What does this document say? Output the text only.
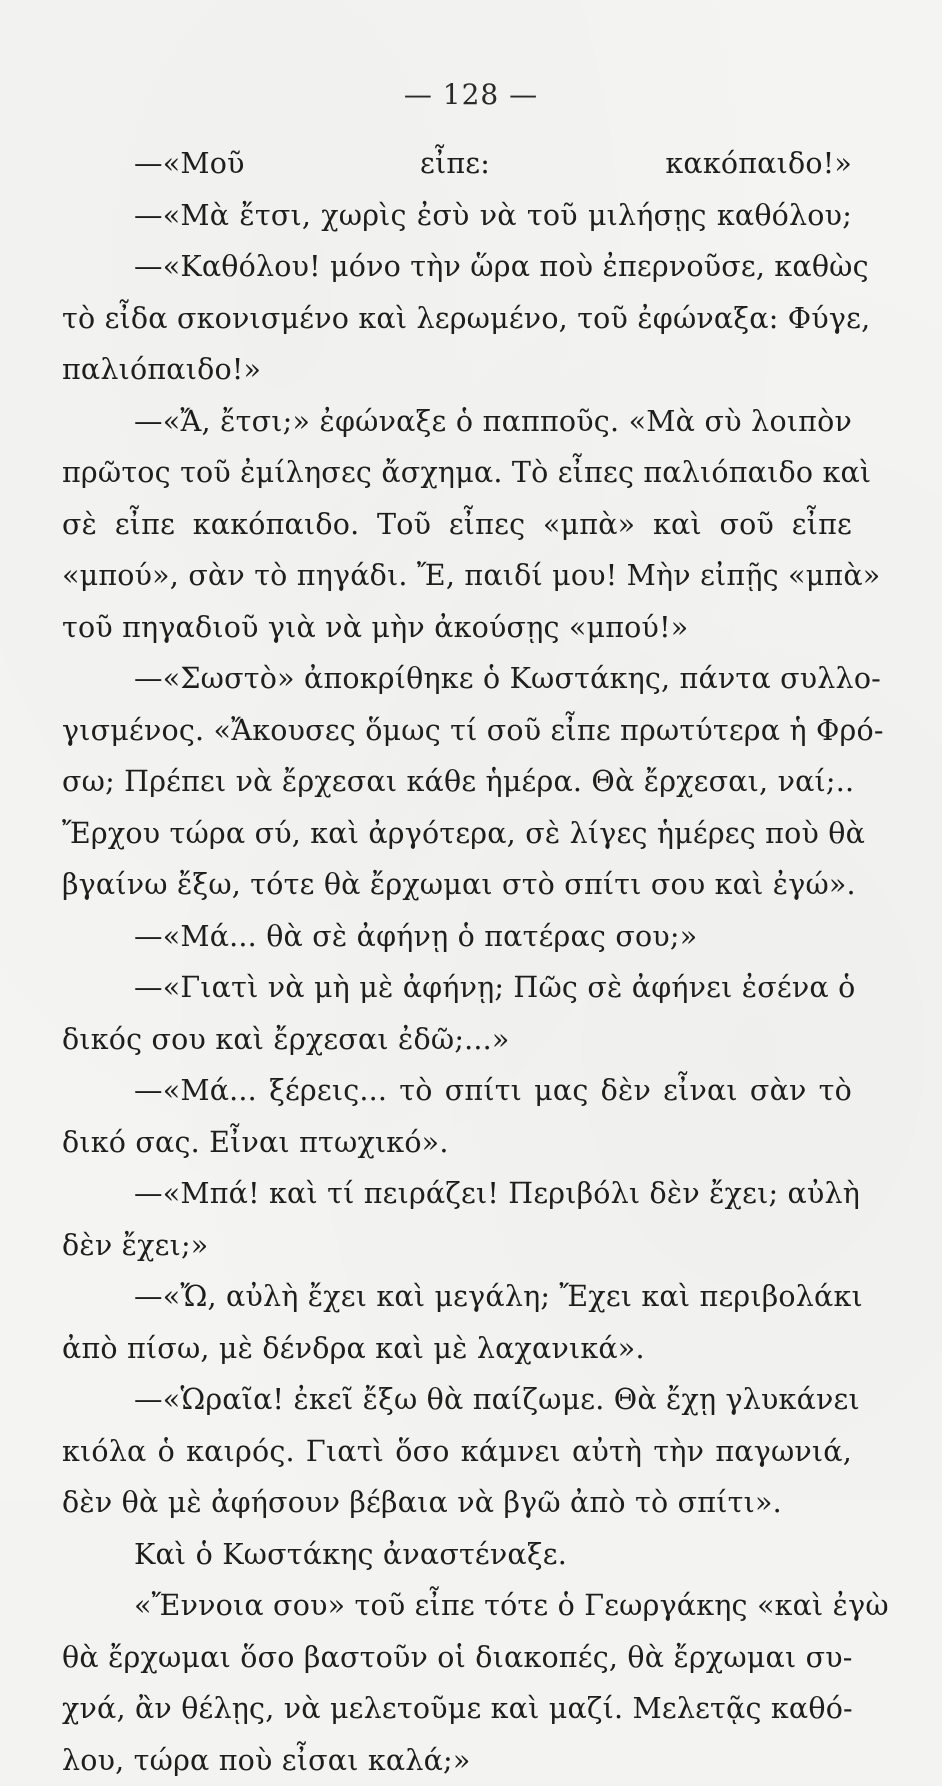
— 128 —
—«Μοῦ εἶπε: κακόπαιδο!»
—«Μὰ ἔτσι, χωρὶς ἐσὺ νὰ τοῦ μιλήσῃς καθόλου;
—«Καθόλου! μόνο τὴν ὥρα ποὺ ἐπερνοῦσε, καθὼς
τὸ εἶδα σκονισμένο καὶ λερωμένο, τοῦ ἐφώναξα: Φύγε,
παλιόπαιδο!»
—«Ἄ, ἔτσι;» ἐφώναξε ὁ παπποῦς. «Μὰ σὺ λοιπὸν
πρῶτος τοῦ ἐμίλησες ἄσχημα. Τὸ εἶπες παλιόπαιδο καὶ
σὲ εἶπε κακόπαιδο. Τοῦ εἶπες «μπὰ» καὶ σοῦ εἶπε
«μπού», σὰν τὸ πηγάδι. Ἔ, παιδί μου! Μὴν εἰπῇς «μπὰ»
τοῦ πηγαδιοῦ γιὰ νὰ μὴν ἀκούσῃς «μπού!»
—«Σωστὸ» ἀποκρίθηκε ὁ Κωστάκης, πάντα συλλο-
γισμένος. «Ἄκουσες ὅμως τί σοῦ εἶπε πρωτύτερα ἡ Φρό-
σω; Πρέπει νὰ ἔρχεσαι κάθε ἡμέρα. Θὰ ἔρχεσαι, ναί;..
Ἔρχου τώρα σύ, καὶ ἀργότερα, σὲ λίγες ἡμέρες ποὺ θὰ
βγαίνω ἔξω, τότε θὰ ἔρχωμαι στὸ σπίτι σου καὶ ἐγώ».
—«Μά... θὰ σὲ ἀφήνῃ ὁ πατέρας σου;»
—«Γιατὶ νὰ μὴ μὲ ἀφήνῃ; Πῶς σὲ ἀφήνει ἐσένα ὁ
δικός σου καὶ ἔρχεσαι ἐδῶ;...»
—«Μά... ξέρεις... τὸ σπίτι μας δὲν εἶναι σὰν τὸ
δικό σας. Εἶναι πτωχικό».
—«Μπά! καὶ τί πειράζει! Περιβόλι δὲν ἔχει; αὐλὴ
δὲν ἔχει;»
—«Ὤ, αὐλὴ ἔχει καὶ μεγάλη; Ἔχει καὶ περιβολάκι
ἀπὸ πίσω, μὲ δένδρα καὶ μὲ λαχανικά».
—«Ὡραῖα! ἐκεῖ ἔξω θὰ παίζωμε. Θὰ ἔχῃ γλυκάνει
κιόλα ὁ καιρός. Γιατὶ ὅσο κάμνει αὐτὴ τὴν παγωνιά,
δὲν θὰ μὲ ἀφήσουν βέβαια νὰ βγῶ ἀπὸ τὸ σπίτι».
Καὶ ὁ Κωστάκης ἀναστέναξε.
«Ἔννοια σου» τοῦ εἶπε τότε ὁ Γεωργάκης «καὶ ἐγὼ
θὰ ἔρχωμαι ὅσο βαστοῦν οἱ διακοπές, θὰ ἔρχωμαι συ-
χνά, ἂν θέλῃς, νὰ μελετοῦμε καὶ μαζί. Μελετᾷς καθό-
λου, τώρα ποὺ εἶσαι καλά;»
